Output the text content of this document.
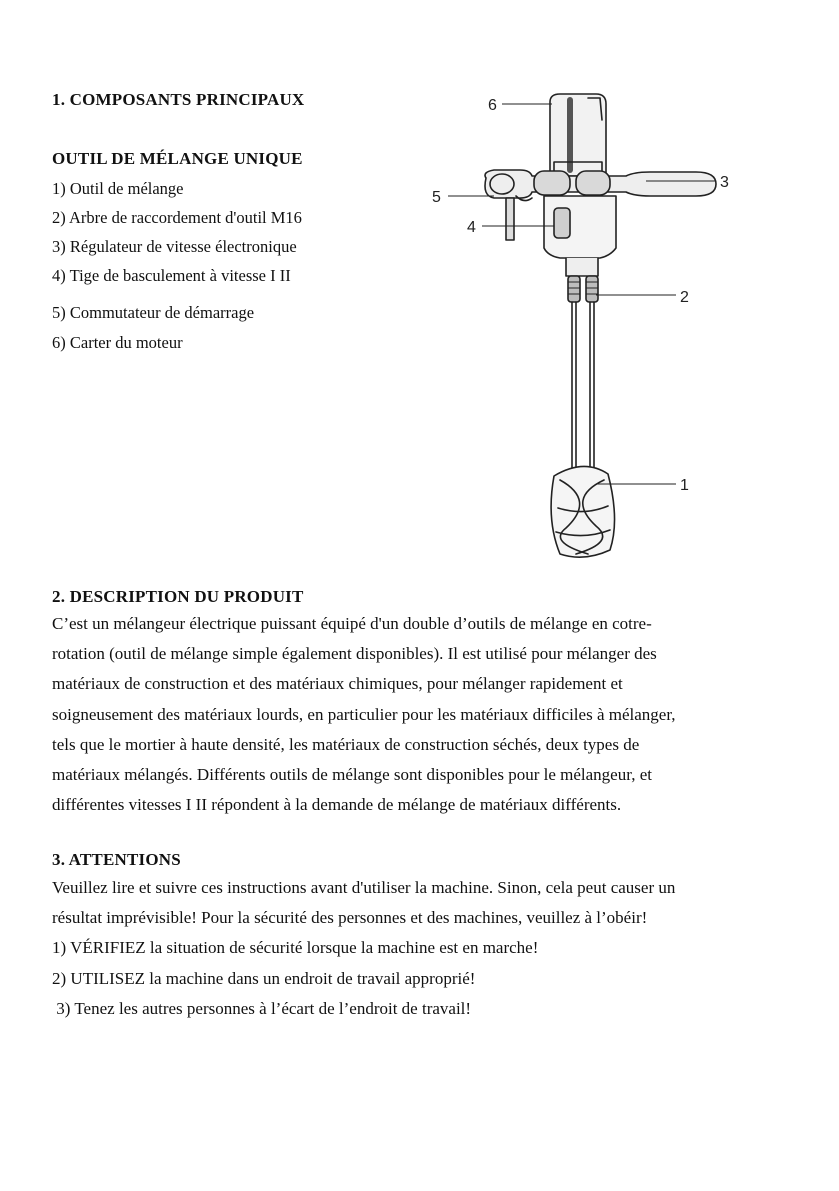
1. COMPOSANTS PRINCIPAUX
OUTIL DE MÉLANGE UNIQUE
1) Outil de mélange
2) Arbre de raccordement d'outil M16
3) Régulateur de vitesse électronique
4) Tige de basculement à vitesse I II
5) Commutateur de démarrage
6) Carter du moteur
6
3
5
4
2
1
2. DESCRIPTION DU PRODUIT
C’est un mélangeur électrique puissant équipé d'un double d’outils de mélange en cotre-
rotation (outil de mélange simple également disponibles). Il est utilisé pour mélanger des
matériaux de construction et des matériaux chimiques, pour mélanger rapidement et
soigneusement des matériaux lourds, en particulier pour les matériaux difficiles à mélanger,
tels que le mortier à haute densité, les matériaux de construction séchés, deux types de
matériaux mélangés. Différents outils de mélange sont disponibles pour le mélangeur, et
différentes vitesses I II répondent à la demande de mélange de matériaux différents.
3. ATTENTIONS
Veuillez lire et suivre ces instructions avant d'utiliser la machine. Sinon, cela peut causer un
résultat imprévisible! Pour la sécurité des personnes et des machines, veuillez à l’obéir!
1) VÉRIFIEZ la situation de sécurité lorsque la machine est en marche!
2) UTILISEZ la machine dans un endroit de travail approprié!
3) Tenez les autres personnes à l’écart de l’endroit de travail!
